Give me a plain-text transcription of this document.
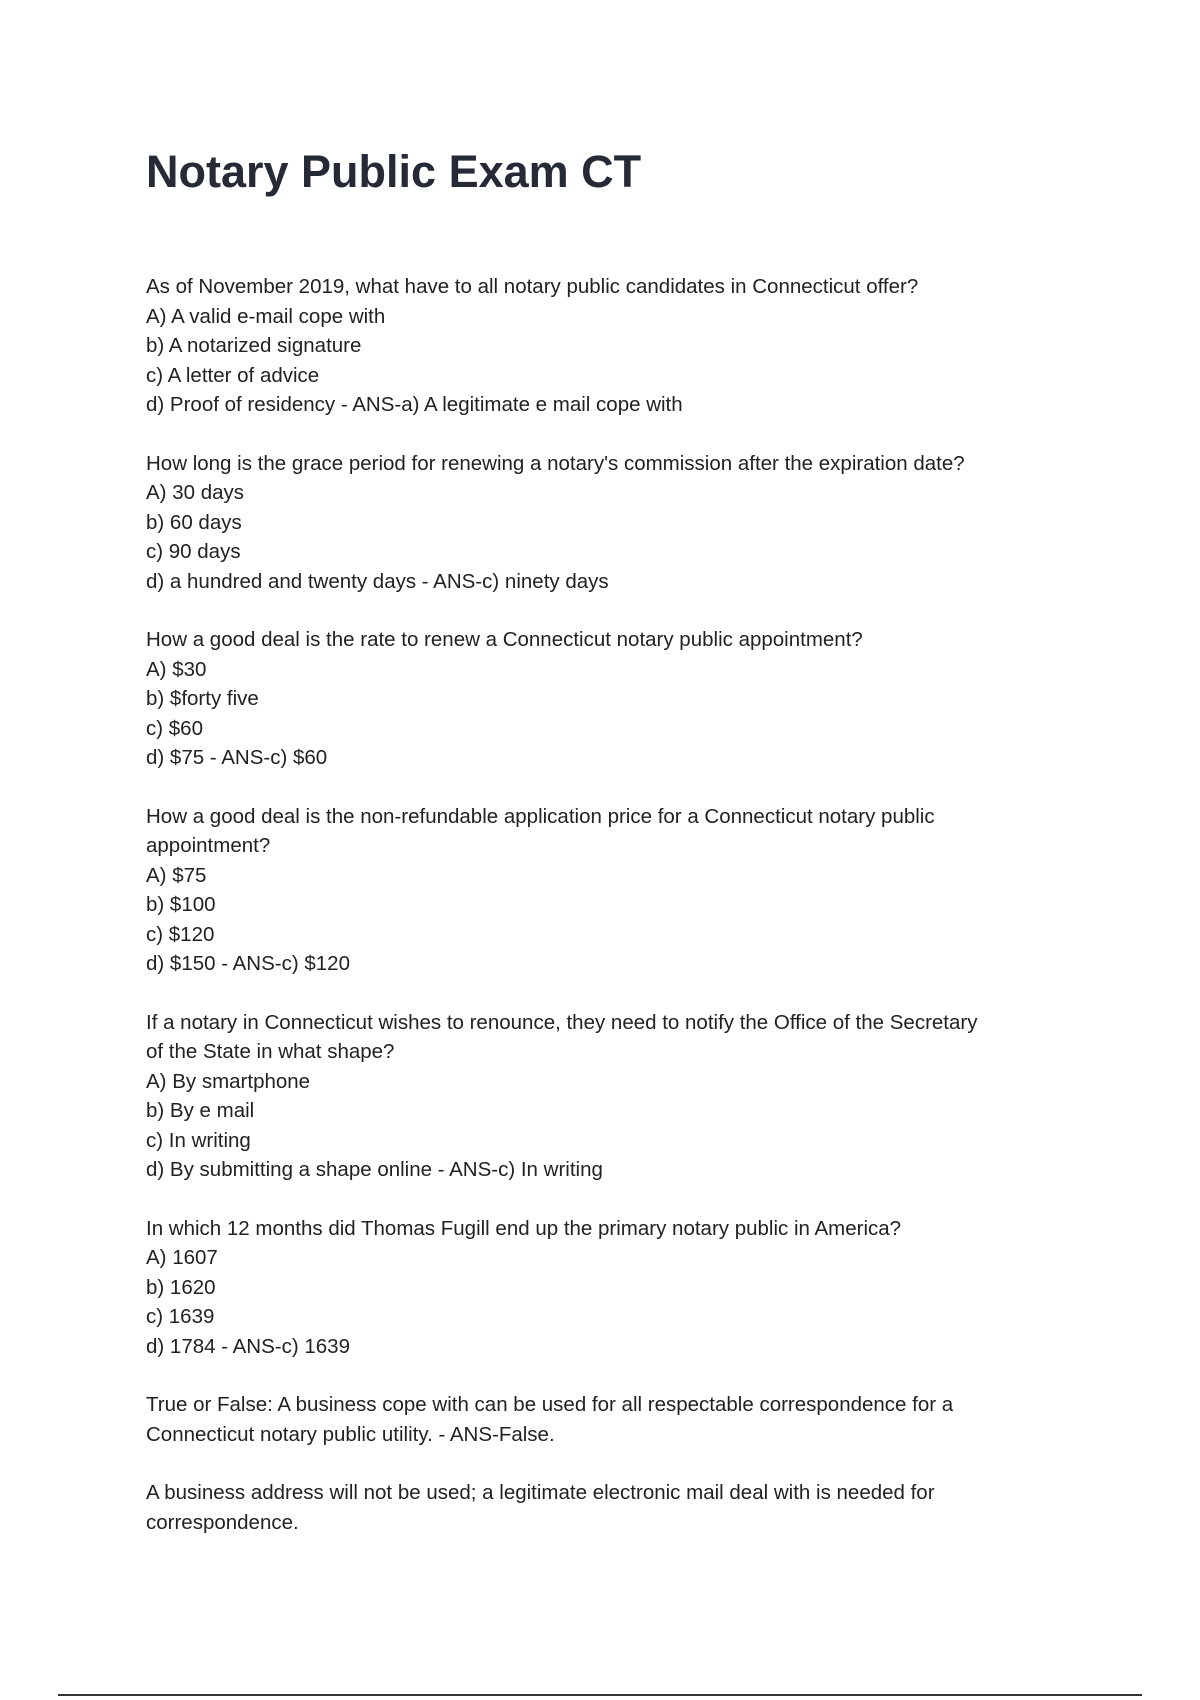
Notary Public Exam CT
As of November 2019, what have to all notary public candidates in Connecticut offer?
A) A valid e-mail cope with
b) A notarized signature
c) A letter of advice
d) Proof of residency - ANS-a) A legitimate e mail cope with
How long is the grace period for renewing a notary's commission after the expiration date?
A) 30 days
b) 60 days
c) 90 days
d) a hundred and twenty days - ANS-c) ninety days
How a good deal is the rate to renew a Connecticut notary public appointment?
A) $30
b) $forty five
c) $60
d) $75 - ANS-c) $60
How a good deal is the non-refundable application price for a Connecticut notary public
appointment?
A) $75
b) $100
c) $120
d) $150 - ANS-c) $120
If a notary in Connecticut wishes to renounce, they need to notify the Office of the Secretary
of the State in what shape?
A) By smartphone
b) By e mail
c) In writing
d) By submitting a shape online - ANS-c) In writing
In which 12 months did Thomas Fugill end up the primary notary public in America?
A) 1607
b) 1620
c) 1639
d) 1784 - ANS-c) 1639
True or False: A business cope with can be used for all respectable correspondence for a
Connecticut notary public utility. - ANS-False.
A business address will not be used; a legitimate electronic mail deal with is needed for
correspondence.
